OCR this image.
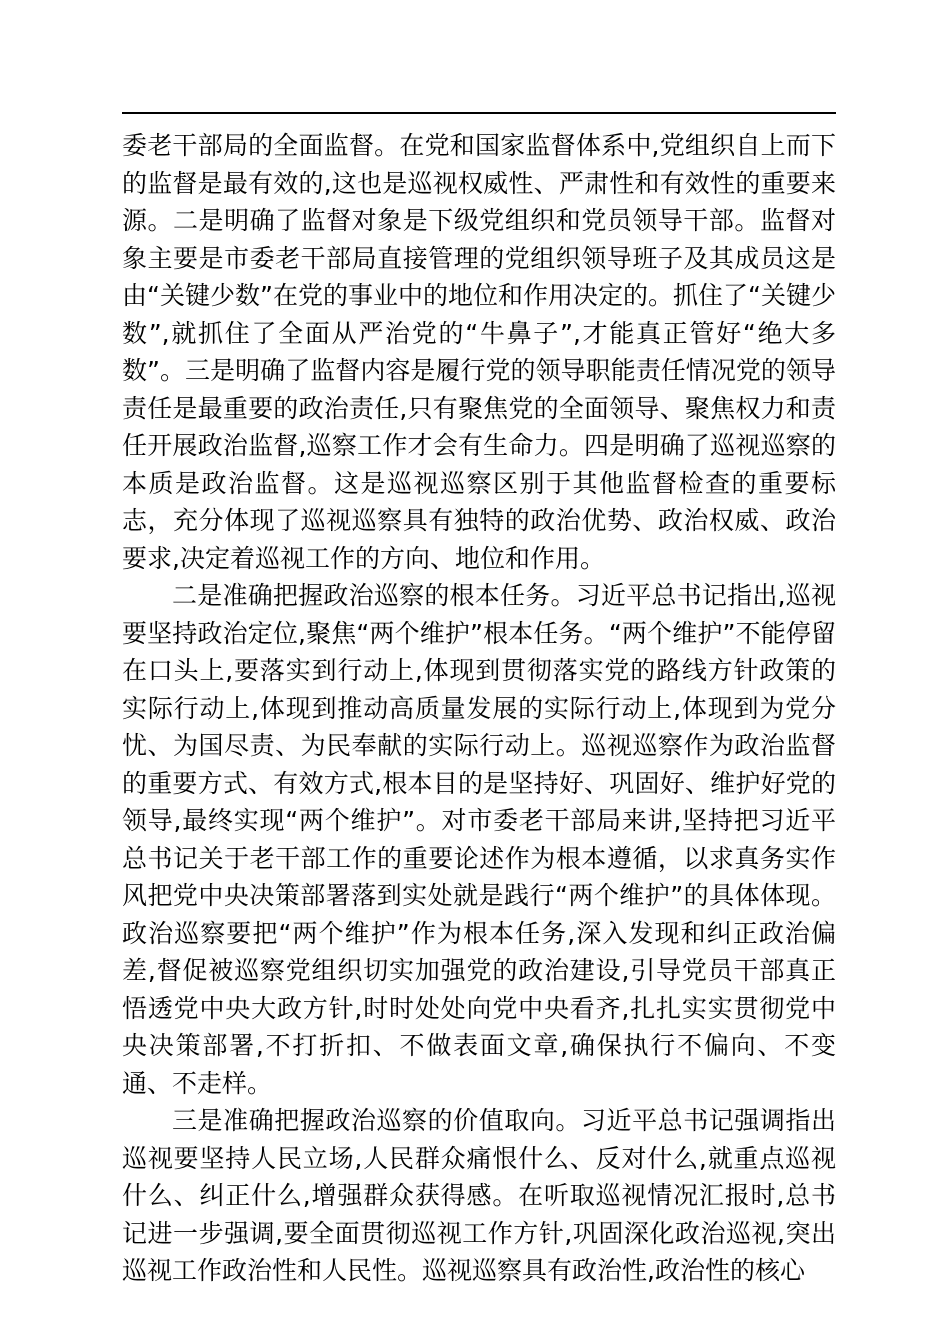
委老干部局的全面监督。在党和国家监督体系中,党组织自上而下的监督是最有效的,这也是巡视权威性、严肃性和有效性的重要来源。二是明确了监督对象是下级党组织和党员领导干部。监督对象主要是市委老干部局直接管理的党组织领导班子及其成员这是由“关键少数”在党的事业中的地位和作用决定的。抓住了“关键少数”,就抓住了全面从严治党的“牛鼻子”,才能真正管好“绝大多数”。三是明确了监督内容是履行党的领导职能责任情况党的领导责任是最重要的政治责任,只有聚焦党的全面领导、聚焦权力和责任开展政治监督,巡察工作才会有生命力。四是明确了巡视巡察的本质是政治监督。这是巡视巡察区别于其他监督检查的重要标志，充分体现了巡视巡察具有独特的政治优势、政治权威、政治要求,决定着巡视工作的方向、地位和作用。

二是准确把握政治巡察的根本任务。习近平总书记指出,巡视要坚持政治定位,聚焦“两个维护”根本任务。“两个维护”不能停留在口头上,要落实到行动上,体现到贯彻落实党的路线方针政策的实际行动上,体现到推动高质量发展的实际行动上,体现到为党分忧、为国尽责、为民奉献的实际行动上。巡视巡察作为政治监督的重要方式、有效方式,根本目的是坚持好、巩固好、维护好党的领导,最终实现“两个维护”。对市委老干部局来讲,坚持把习近平总书记关于老干部工作的重要论述作为根本遵循，以求真务实作风把党中央决策部署落到实处就是践行“两个维护”的具体体现。政治巡察要把“两个维护”作为根本任务,深入发现和纠正政治偏差,督促被巡察党组织切实加强党的政治建设,引导党员干部真正悟透党中央大政方针,时时处处向党中央看齐,扎扎实实贯彻党中央决策部署,不打折扣、不做表面文章,确保执行不偏向、不变通、不走样。

三是准确把握政治巡察的价值取向。习近平总书记强调指出巡视要坚持人民立场,人民群众痛恨什么、反对什么,就重点巡视什么、纠正什么,增强群众获得感。在听取巡视情况汇报时,总书记进一步强调,要全面贯彻巡视工作方针,巩固深化政治巡视,突出巡视工作政治性和人民性。巡视巡察具有政治性,政治性的核心
